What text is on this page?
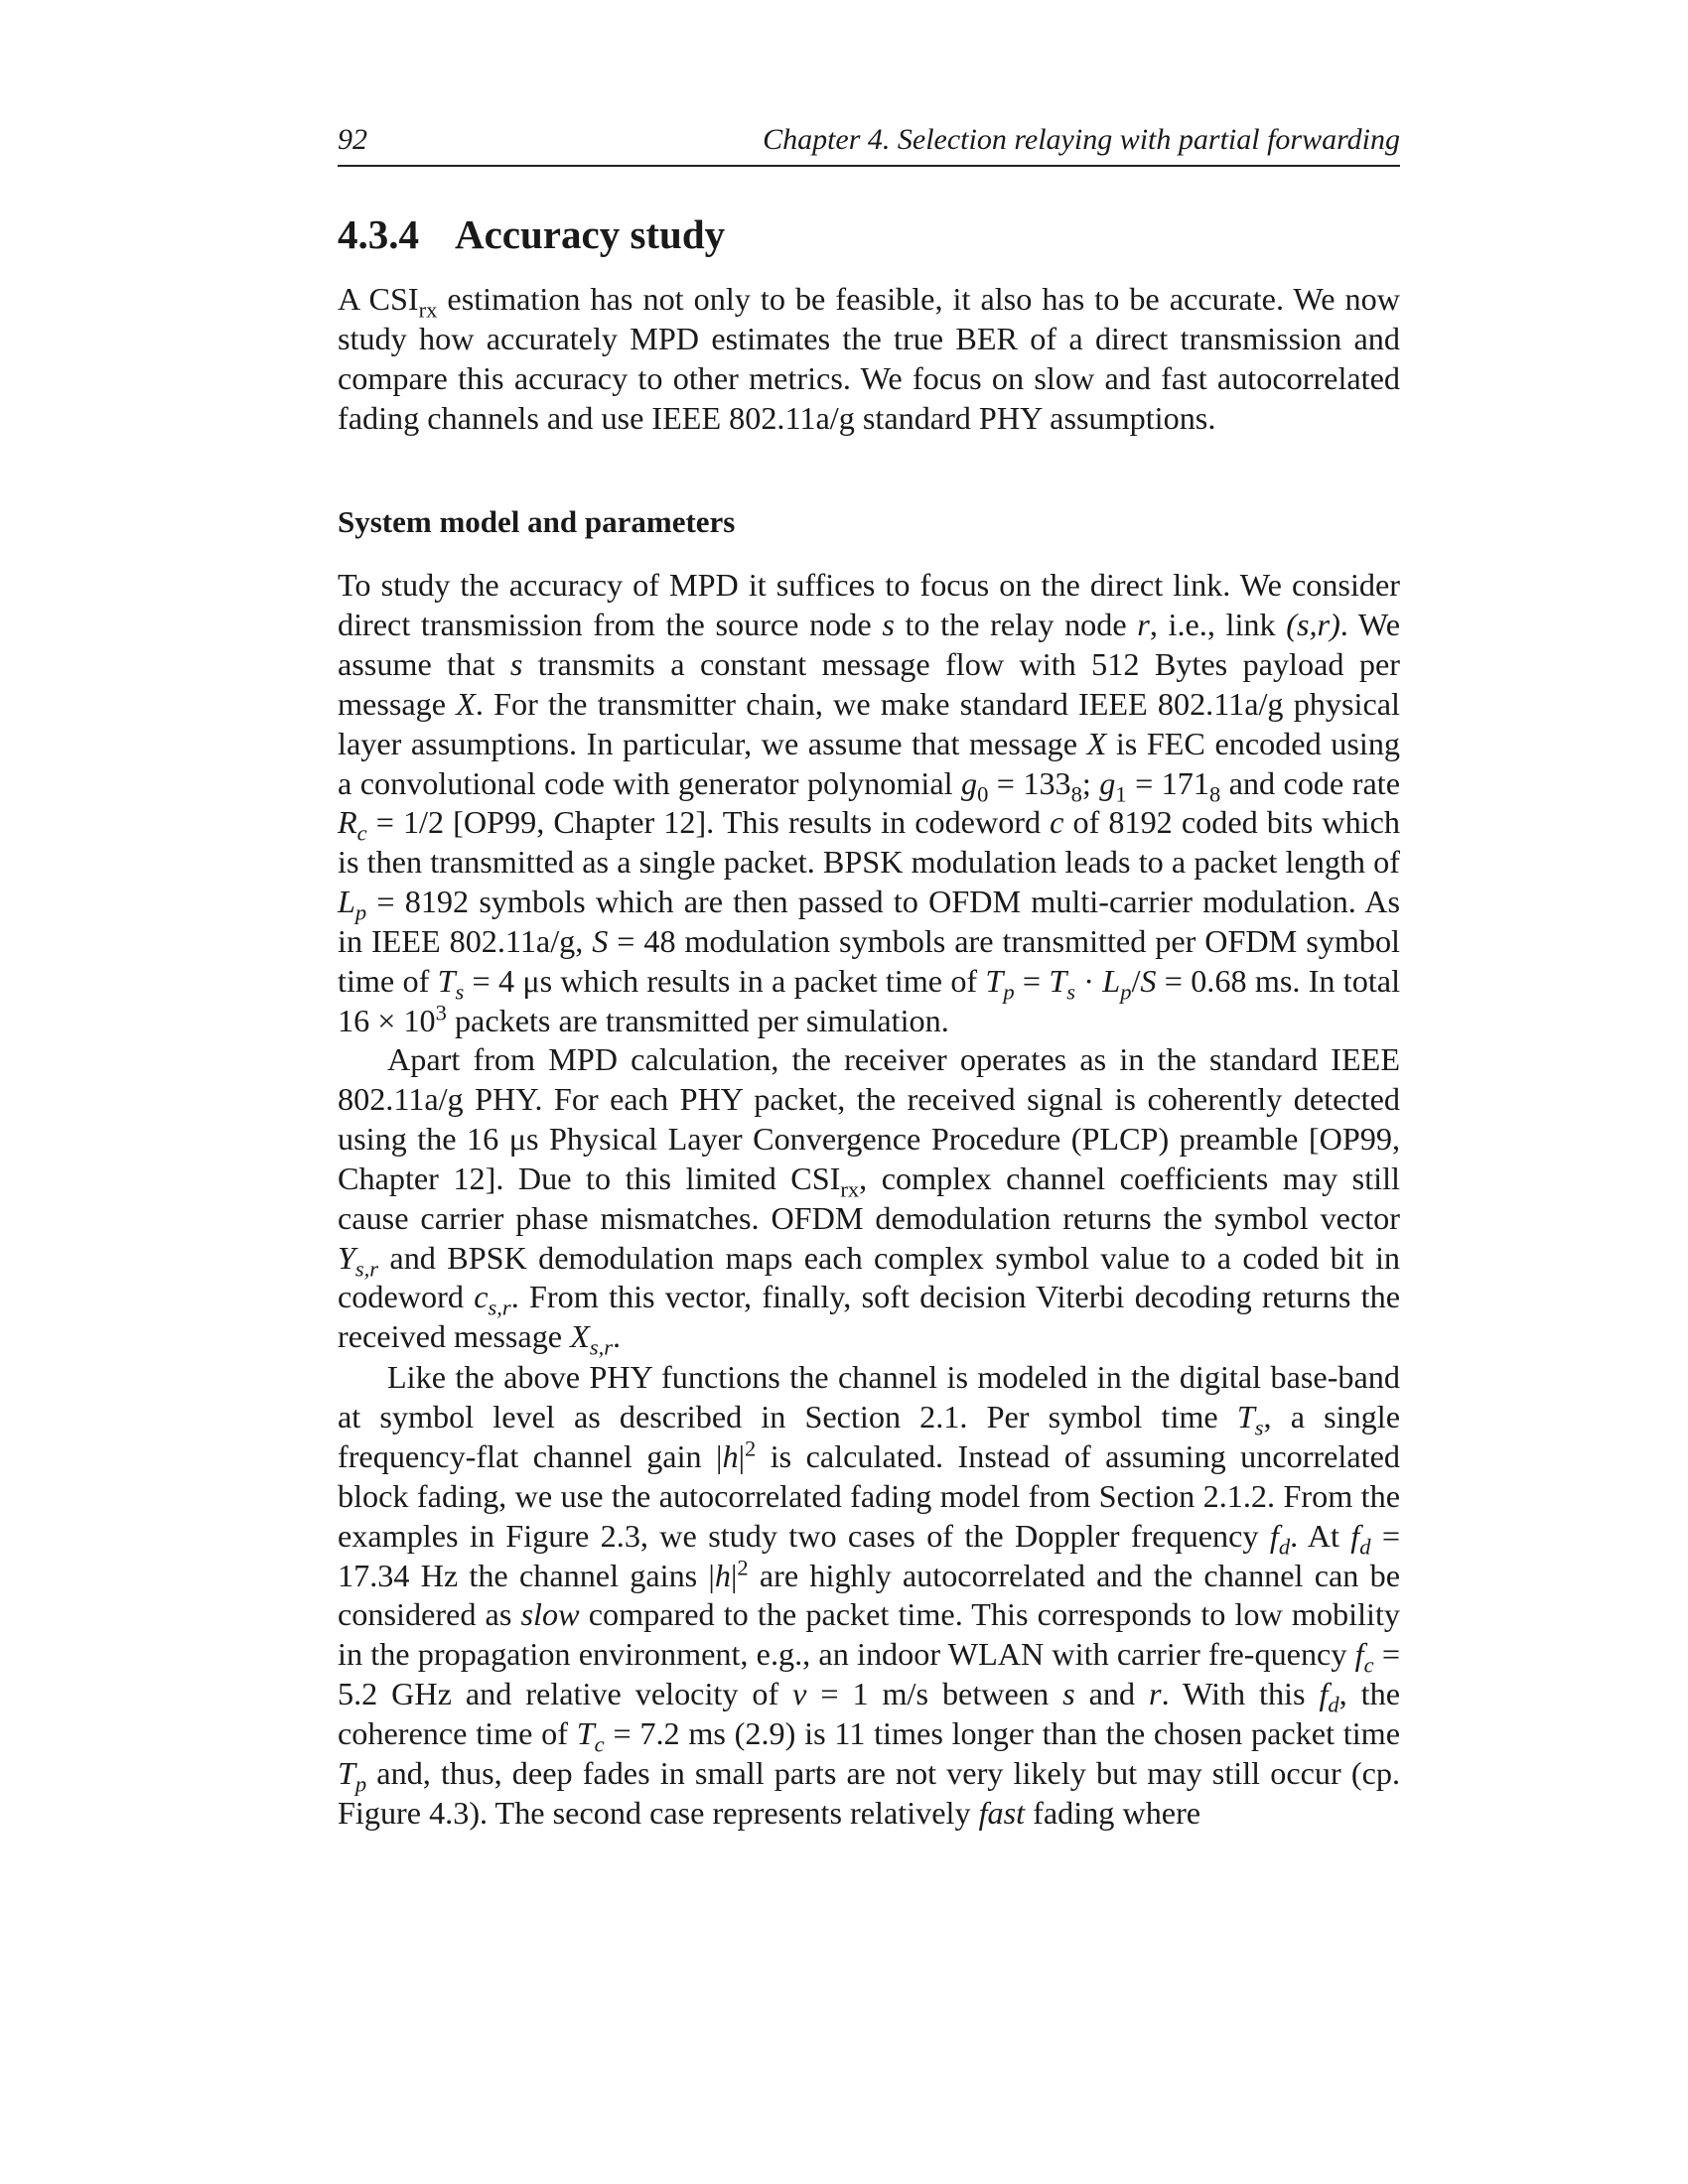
92	Chapter 4. Selection relaying with partial forwarding
4.3.4 Accuracy study

A $CSI_{rx}$ estimation has not only to be feasible, it also has to be accurate. We now study how accurately MPD estimates the true BER of a direct transmission and compare this accuracy to other metrics. We focus on slow and fast autocorrelated fading channels and use IEEE 802.11a/g standard PHY assumptions.

System model and parameters

To study the accuracy of MPD it suffices to focus on the direct link. We consider direct transmission from the source node s to the relay node r, i.e., link (s,r). We assume that s transmits a constant message flow with 512 Bytes payload per message X. For the transmitter chain, we make standard IEEE 802.11a/g physical layer assumptions. In particular, we assume that message X is FEC encoded using a convolutional code with generator polynomial $g_0 = 133_8$; $g_1 = 171_8$ and code rate $R_c = 1/2$ [OP99, Chapter 12]. This results in codeword c of 8192 coded bits which is then transmitted as a single packet. BPSK modulation leads to a packet length of $L_p = 8192$ symbols which are then passed to OFDM multi-carrier modulation. As in IEEE 802.11a/g, S = 48 modulation symbols are transmitted per OFDM symbol time of $T_s = 4$ μs which results in a packet time of $T_p = T_s \cdot L_p/S = 0.68$ ms. In total $16 \times 10^3$ packets are transmitted per simulation.

Apart from MPD calculation, the receiver operates as in the standard IEEE 802.11a/g PHY. For each PHY packet, the received signal is coherently detected using the 16 μs Physical Layer Convergence Procedure (PLCP) preamble [OP99, Chapter 12]. Due to this limited $CSI_{rx}$, complex channel coefficients may still cause carrier phase mismatches. OFDM demodulation returns the symbol vector $Y_{s,r}$ and BPSK demodulation maps each complex symbol value to a coded bit in codeword $c_{s,r}$. From this vector, finally, soft decision Viterbi decoding returns the received message $X_{s,r}$.

Like the above PHY functions the channel is modeled in the digital base-band at symbol level as described in Section 2.1. Per symbol time $T_s$, a single frequency-flat channel gain $|h|^2$ is calculated. Instead of assuming uncorrelated block fading, we use the autocorrelated fading model from Section 2.1.2. From the examples in Figure 2.3, we study two cases of the Doppler frequency $f_d$. At $f_d = 17.34$ Hz the channel gains $|h|^2$ are highly autocorrelated and the channel can be considered as slow compared to the packet time. This corresponds to low mobility in the propagation environment, e.g., an indoor WLAN with carrier fre-quency $f_c = 5.2$ GHz and relative velocity of v = 1 m/s between s and r. With this $f_d$, the coherence time of $T_c = 7.2$ ms (2.9) is 11 times longer than the chosen packet time $T_p$ and, thus, deep fades in small parts are not very likely but may still occur (cp. Figure 4.3). The second case represents relatively fast fading where
